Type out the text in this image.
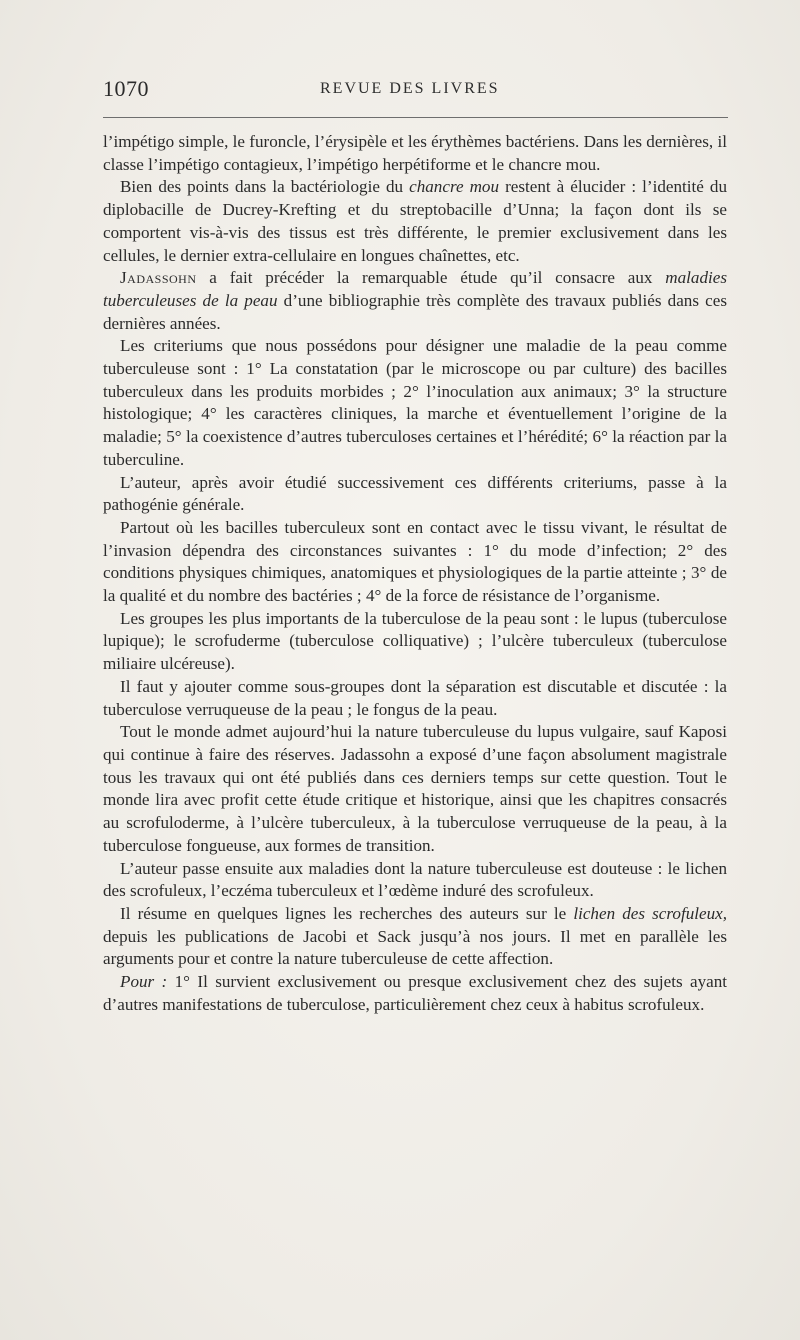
1070	REVUE DES LIVRES

l’impétigo simple, le furoncle, l’érysipèle et les érythèmes bactériens. Dans les dernières, il classe l’impétigo contagieux, l’impétigo herpétiforme et le chancre mou.

Bien des points dans la bactériologie du chancre mou restent à élucider : l’identité du diplobacille de Ducrey-Krefting et du streptobacille d’Unna; la façon dont ils se comportent vis-à-vis des tissus est très différente, le premier exclusivement dans les cellules, le dernier extra-cellulaire en longues chaînettes, etc.

Jadassohn a fait précéder la remarquable étude qu’il consacre aux maladies tuberculeuses de la peau d’une bibliographie très complète des travaux publiés dans ces dernières années.

Les criteriums que nous possédons pour désigner une maladie de la peau comme tuberculeuse sont : 1° La constatation (par le microscope ou par culture) des bacilles tuberculeux dans les produits morbides ; 2° l’inoculation aux animaux; 3° la structure histologique; 4° les caractères cliniques, la marche et éventuellement l’origine de la maladie; 5° la coexistence d’autres tuberculoses certaines et l’hérédité; 6° la réaction par la tuberculine.

L’auteur, après avoir étudié successivement ces différents criteriums, passe à la pathogénie générale.

Partout où les bacilles tuberculeux sont en contact avec le tissu vivant, le résultat de l’invasion dépendra des circonstances suivantes : 1° du mode d’infection; 2° des conditions physiques chimiques, anatomiques et physiologiques de la partie atteinte ; 3° de la qualité et du nombre des bactéries ; 4° de la force de résistance de l’organisme.

Les groupes les plus importants de la tuberculose de la peau sont : le lupus (tuberculose lupique); le scrofuderme (tuberculose colliquative) ; l’ulcère tuberculeux (tuberculose miliaire ulcéreuse).

Il faut y ajouter comme sous-groupes dont la séparation est discutable et discutée : la tuberculose verruqueuse de la peau ; le fongus de la peau.

Tout le monde admet aujourd’hui la nature tuberculeuse du lupus vulgaire, sauf Kaposi qui continue à faire des réserves. Jadassohn a exposé d’une façon absolument magistrale tous les travaux qui ont été publiés dans ces derniers temps sur cette question. Tout le monde lira avec profit cette étude critique et historique, ainsi que les chapitres consacrés au scrofuloderme, à l’ulcère tuberculeux, à la tuberculose verruqueuse de la peau, à la tuberculose fongueuse, aux formes de transition.

L’auteur passe ensuite aux maladies dont la nature tuberculeuse est douteuse : le lichen des scrofuleux, l’eczéma tuberculeux et l’œdème induré des scrofuleux.

Il résume en quelques lignes les recherches des auteurs sur le lichen des scrofuleux, depuis les publications de Jacobi et Sack jusqu’à nos jours. Il met en parallèle les arguments pour et contre la nature tuberculeuse de cette affection.

Pour : 1° Il survient exclusivement ou presque exclusivement chez des sujets ayant d’autres manifestations de tuberculose, particulièrement chez ceux à habitus scrofuleux.
